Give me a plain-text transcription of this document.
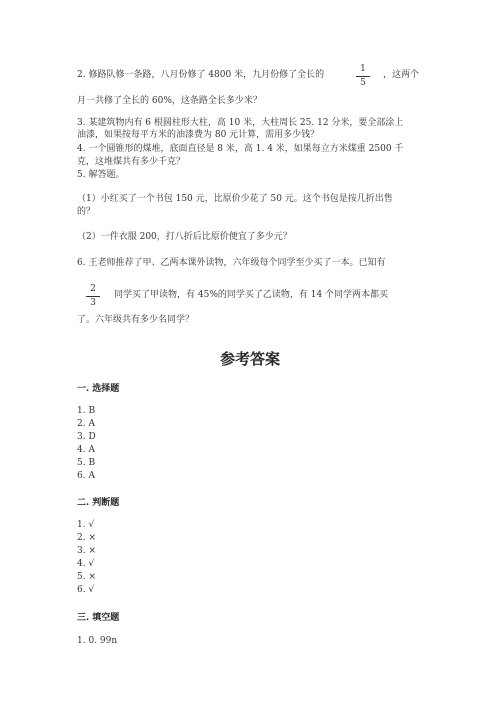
2. 修路队修一条路，八月份修了 4800 米，九月份修了全长的
1
5
，这两个
月一共修了全长的 60%，这条路全长多少米？
3. 某建筑物内有 6 根圆柱形大柱，高 10 米，大柱周长 25. 12 分米，要全部涂上
油漆，如果按每平方米的油漆费为 80 元计算，需用多少钱？
4. 一个圆锥形的煤堆，底面直径是 8 米，高 1. 4 米，如果每立方米煤重 2500 千
克，这堆煤共有多少千克？
5. 解答题。
（1）小红买了一个书包 150 元，比原价少花了 50 元。这个书包是按几折出售
的？
（2）一件衣服 200，打八折后比原价便宜了多少元？
6. 王老师推荐了甲、乙两本课外读物，六年级每个同学至少买了一本。已知有
2
3
同学买了甲读物，有 45%的同学买了乙读物，有 14 个同学两本都买
了。六年级共有多少名同学？
参考答案
一. 选择题
1. B
2. A
3. D
4. A
5. B
6. A
二. 判断题
1. √
2. ×
3. ×
4. √
5. ×
6. √
三. 填空题
1. 0. 99n
